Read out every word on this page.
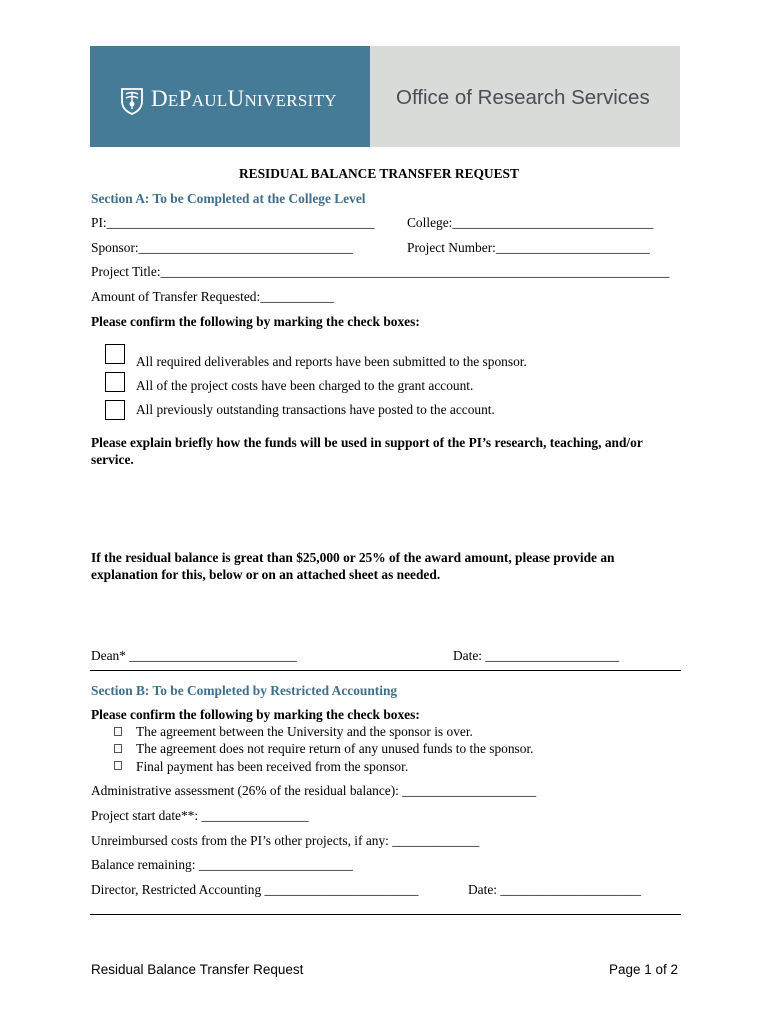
DEPAULUNIVERSITY	Office of Research Services
RESIDUAL BALANCE TRANSFER REQUEST
Section A: To be Completed at the College Level
PI:________________________________________ College:______________________________
Sponsor:________________________________	Project Number:_______________________
Project Title:____________________________________________________________________________
Amount of Transfer Requested:___________
Please confirm the following by marking the check boxes:
All required deliverables and reports have been submitted to the sponsor.
All of the project costs have been charged to the grant account.
All previously outstanding transactions have posted to the account.
Please explain briefly how the funds will be used in support of the PI’s research, teaching, and/or
service.
If the residual balance is great than $25,000 or 25% of the award amount, please provide an
explanation for this, below or on an attached sheet as needed.
Dean* _________________________	Date: ____________________
Section B: To be Completed by Restricted Accounting
Please confirm the following by marking the check boxes:
The agreement between the University and the sponsor is over.
The agreement does not require return of any unused funds to the sponsor.
Final payment has been received from the sponsor.
Administrative assessment (26% of the residual balance): ____________________
Project start date**: ________________
Unreimbursed costs from the PI’s other projects, if any: _____________
Balance remaining: _______________________
Director, Restricted Accounting _______________________	Date: _____________________
Residual Balance Transfer Request	Page 1 of 2
